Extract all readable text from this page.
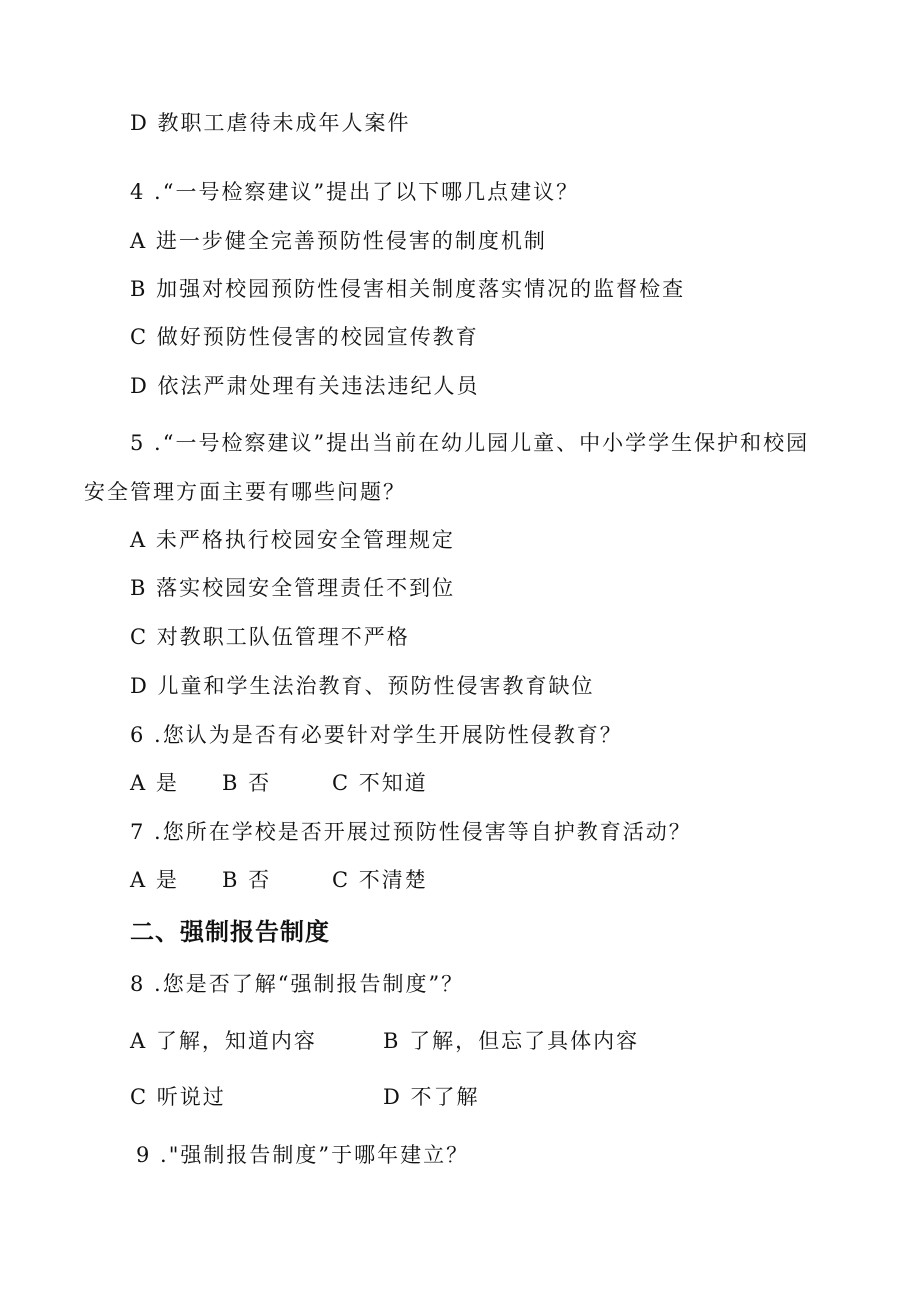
D 教职工虐待未成年人案件
4 .“一号检察建议”提出了以下哪几点建议？
A 进一步健全完善预防性侵害的制度机制
B 加强对校园预防性侵害相关制度落实情况的监督检查
C 做好预防性侵害的校园宣传教育
D 依法严肃处理有关违法违纪人员
5 .“一号检察建议”提出当前在幼儿园儿童、中小学学生保护和校园
安全管理方面主要有哪些问题？
A 未严格执行校园安全管理规定
B 落实校园安全管理责任不到位
C 对教职工队伍管理不严格
D 儿童和学生法治教育、预防性侵害教育缺位
6 .您认为是否有必要针对学生开展防性侵教育？
A 是 B 否	C 不知道
7 .您所在学校是否开展过预防性侵害等自护教育活动？
A 是 B 否	C 不清楚
二、强制报告制度
8 .您是否了解“强制报告制度”？
A 了解，知道内容	B 了解，但忘了具体内容
C 听说过	D 不了解
9 ."强制报告制度”于哪年建立？
